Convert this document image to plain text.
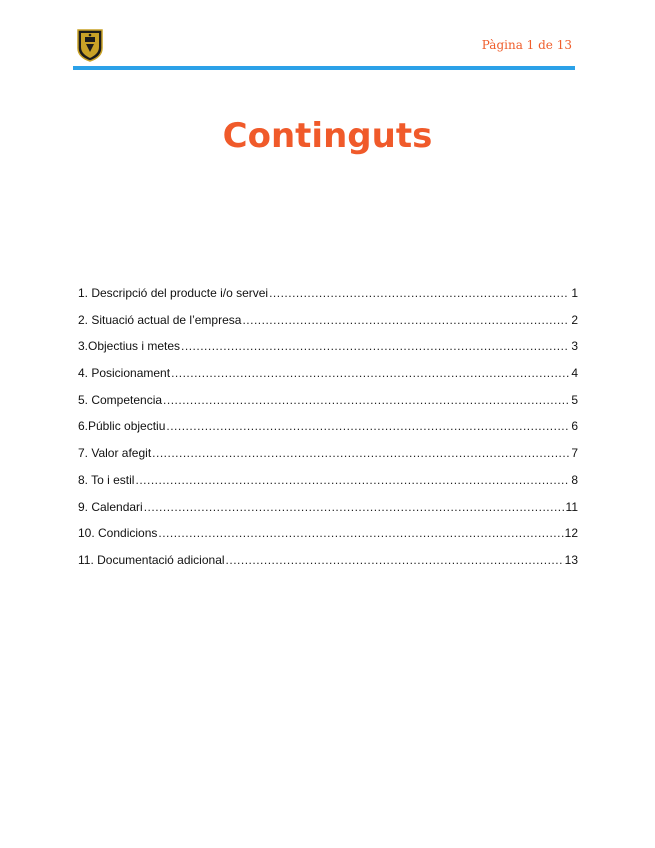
Pàgina 1 de 13
Continguts
1. Descripció del producte i/o servei .....	1
2. Situació actual de l’empresa .....	2
3.Objectius i metes .....	3
4. Posicionament .....	4
5. Competencia .....	5
6.Públic objectiu .....	6
7. Valor afegit .....	7
8. To i estil .....	8
9. Calendari .....	11
10. Condicions .....	12
11. Documentació adicional .....	13
